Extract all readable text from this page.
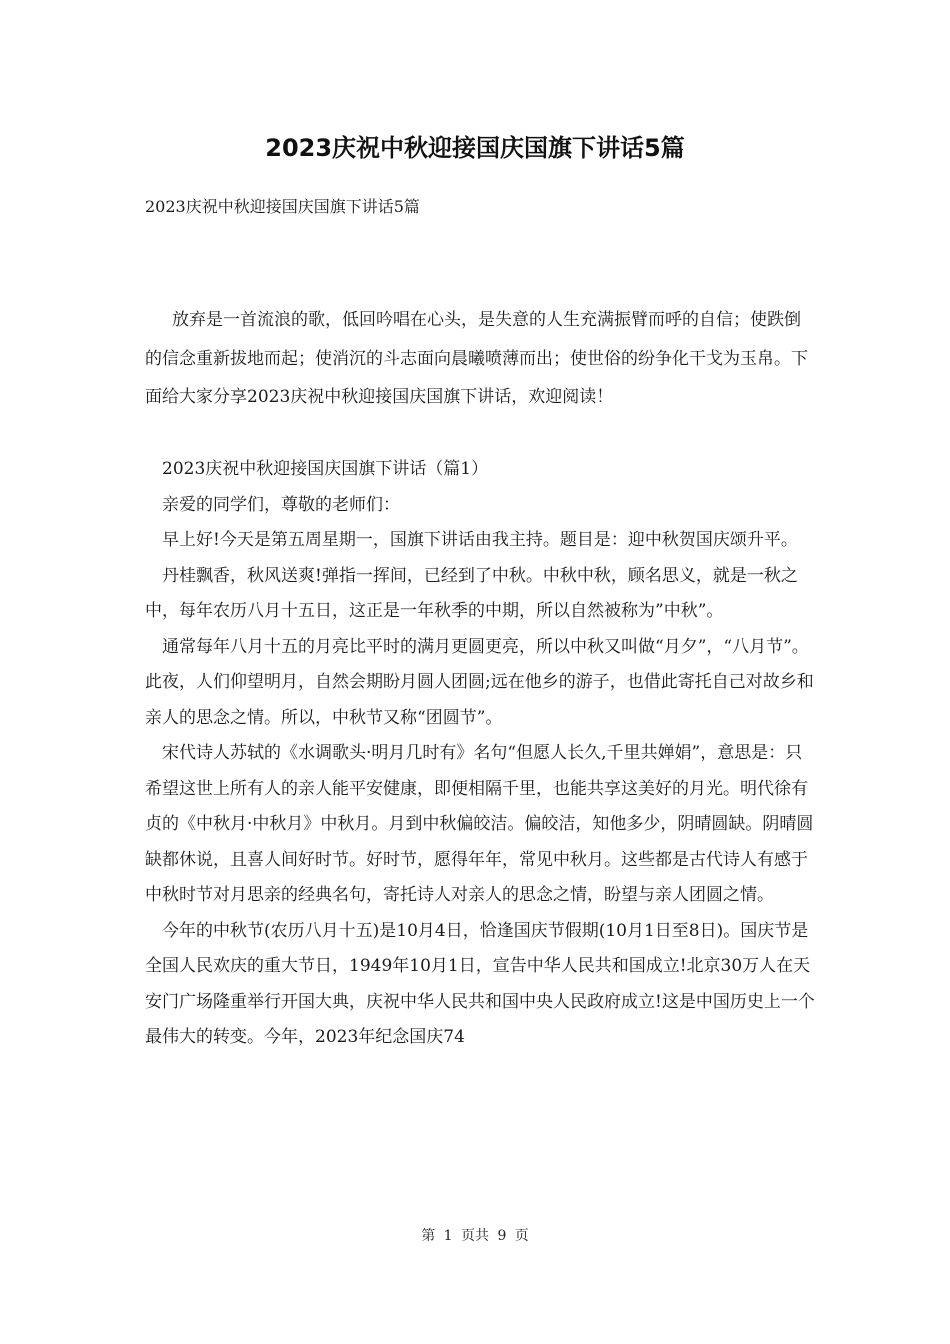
2023庆祝中秋迎接国庆国旗下讲话5篇
2023庆祝中秋迎接国庆国旗下讲话5篇

放弃是一首流浪的歌，低回吟唱在心头，是失意的人生充满振臂而呼的自信；使跌倒的信念重新拔地而起；使消沉的斗志面向晨曦喷薄而出；使世俗的纷争化干戈为玉帛。下面给大家分享2023庆祝中秋迎接国庆国旗下讲话，欢迎阅读！

2023庆祝中秋迎接国庆国旗下讲话（篇1）

亲爱的同学们，尊敬的老师们：

早上好!今天是第五周星期一，国旗下讲话由我主持。题目是：迎中秋贺国庆颂升平。

丹桂飘香，秋风送爽!弹指一挥间，已经到了中秋。中秋中秋，顾名思义，就是一秋之中，每年农历八月十五日，这正是一年秋季的中期，所以自然被称为”中秋”。

通常每年八月十五的月亮比平时的满月更圆更亮，所以中秋又叫做“月夕”，“八月节”。此夜，人们仰望明月，自然会期盼月圆人团圆;远在他乡的游子，也借此寄托自己对故乡和亲人的思念之情。所以，中秋节又称“团圆节”。

宋代诗人苏轼的《水调歌头·明月几时有》名句“但愿人长久,千里共婵娟”，意思是：只希望这世上所有人的亲人能平安健康，即便相隔千里，也能共享这美好的月光。明代徐有贞的《中秋月·中秋月》中秋月。月到中秋偏皎洁。偏皎洁，知他多少，阴晴圆缺。阴晴圆缺都休说，且喜人间好时节。好时节，愿得年年，常见中秋月。这些都是古代诗人有感于中秋时节对月思亲的经典名句，寄托诗人对亲人的思念之情，盼望与亲人团圆之情。

今年的中秋节(农历八月十五)是10月4日，恰逢国庆节假期(10月1日至8日)。国庆节是全国人民欢庆的重大节日，1949年10月1日，宣告中华人民共和国成立!北京30万人在天安门广场隆重举行开国大典，庆祝中华人民共和国中央人民政府成立!这是中国历史上一个最伟大的转变。今年，2023年纪念国庆74

第 1 页共 9 页
